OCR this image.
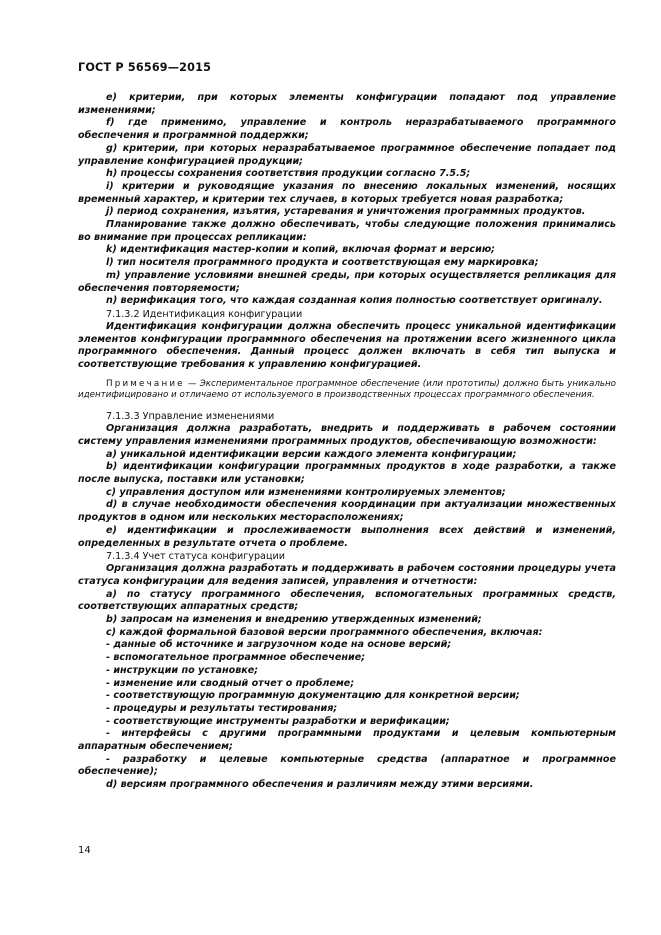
ГОСТ Р 56569—2015

e) критерии, при которых элементы конфигурации попадают под управление изменениями;

f) где применимо, управление и контроль неразрабатываемого программного обеспечения и программной поддержки;

g) критерии, при которых неразрабатываемое программное обеспечение попадает под управление конфигурацией продукции;

h) процессы сохранения соответствия продукции согласно 7.5.5;

i) критерии и руководящие указания по внесению локальных изменений, носящих временный характер, и критерии тех случаев, в которых требуется новая разработка;

j) период сохранения, изъятия, устаревания и уничтожения программных продуктов.

Планирование также должно обеспечивать, чтобы следующие положения принимались во внимание при процессах репликации:

k) идентификация мастер-копии и копий, включая формат и версию;

l) тип носителя программного продукта и соответствующая ему маркировка;

m) управление условиями внешней среды, при которых осуществляется репликация для обеспечения повторяемости;

n) верификация того, что каждая созданная копия полностью соответствует оригиналу.

7.1.3.2 Идентификация конфигурации

Идентификация конфигурации должна обеспечить процесс уникальной идентификации элементов конфигурации программного обеспечения на протяжении всего жизненного цикла программного обеспечения. Данный процесс должен включать в себя тип выпуска и соответствующие требования к управлению конфигурацией.

Примечание — Экспериментальное программное обеспечение (или прототипы) должно быть уникально идентифицировано и отличаемо от используемого в производственных процессах программного обеспечения.

7.1.3.3 Управление изменениями

Организация должна разработать, внедрить и поддерживать в рабочем состоянии систему управления изменениями программных продуктов, обеспечивающую возможности:

a) уникальной идентификации версии каждого элемента конфигурации;

b) идентификации конфигурации программных продуктов в ходе разработки, а также после выпуска, поставки или установки;

c) управления доступом или изменениями контролируемых элементов;

d) в случае необходимости обеспечения координации при актуализации множественных продуктов в одном или нескольких месторасположениях;

e) идентификации и прослеживаемости выполнения всех действий и изменений, определенных в результате отчета о проблеме.

7.1.3.4 Учет статуса конфигурации

Организация должна разработать и поддерживать в рабочем состоянии процедуры учета статуса конфигурации для ведения записей, управления и отчетности:

a) по статусу программного обеспечения, вспомогательных программных средств, соответствующих аппаратных средств;

b) запросам на изменения и внедрению утвержденных изменений;

c) каждой формальной базовой версии программного обеспечения, включая:

- данные об источнике и загрузочном коде на основе версий;

- вспомогательное программное обеспечение;

- инструкции по установке;

- изменение или сводный отчет о проблеме;

- соответствующую программную документацию для конкретной версии;

- процедуры и результаты тестирования;

- соответствующие инструменты разработки и верификации;

- интерфейсы с другими программными продуктами и целевым компьютерным аппаратным обеспечением;

- разработку и целевые компьютерные средства (аппаратное и программное обеспечение);

d) версиям программного обеспечения и различиям между этими версиями.

14
